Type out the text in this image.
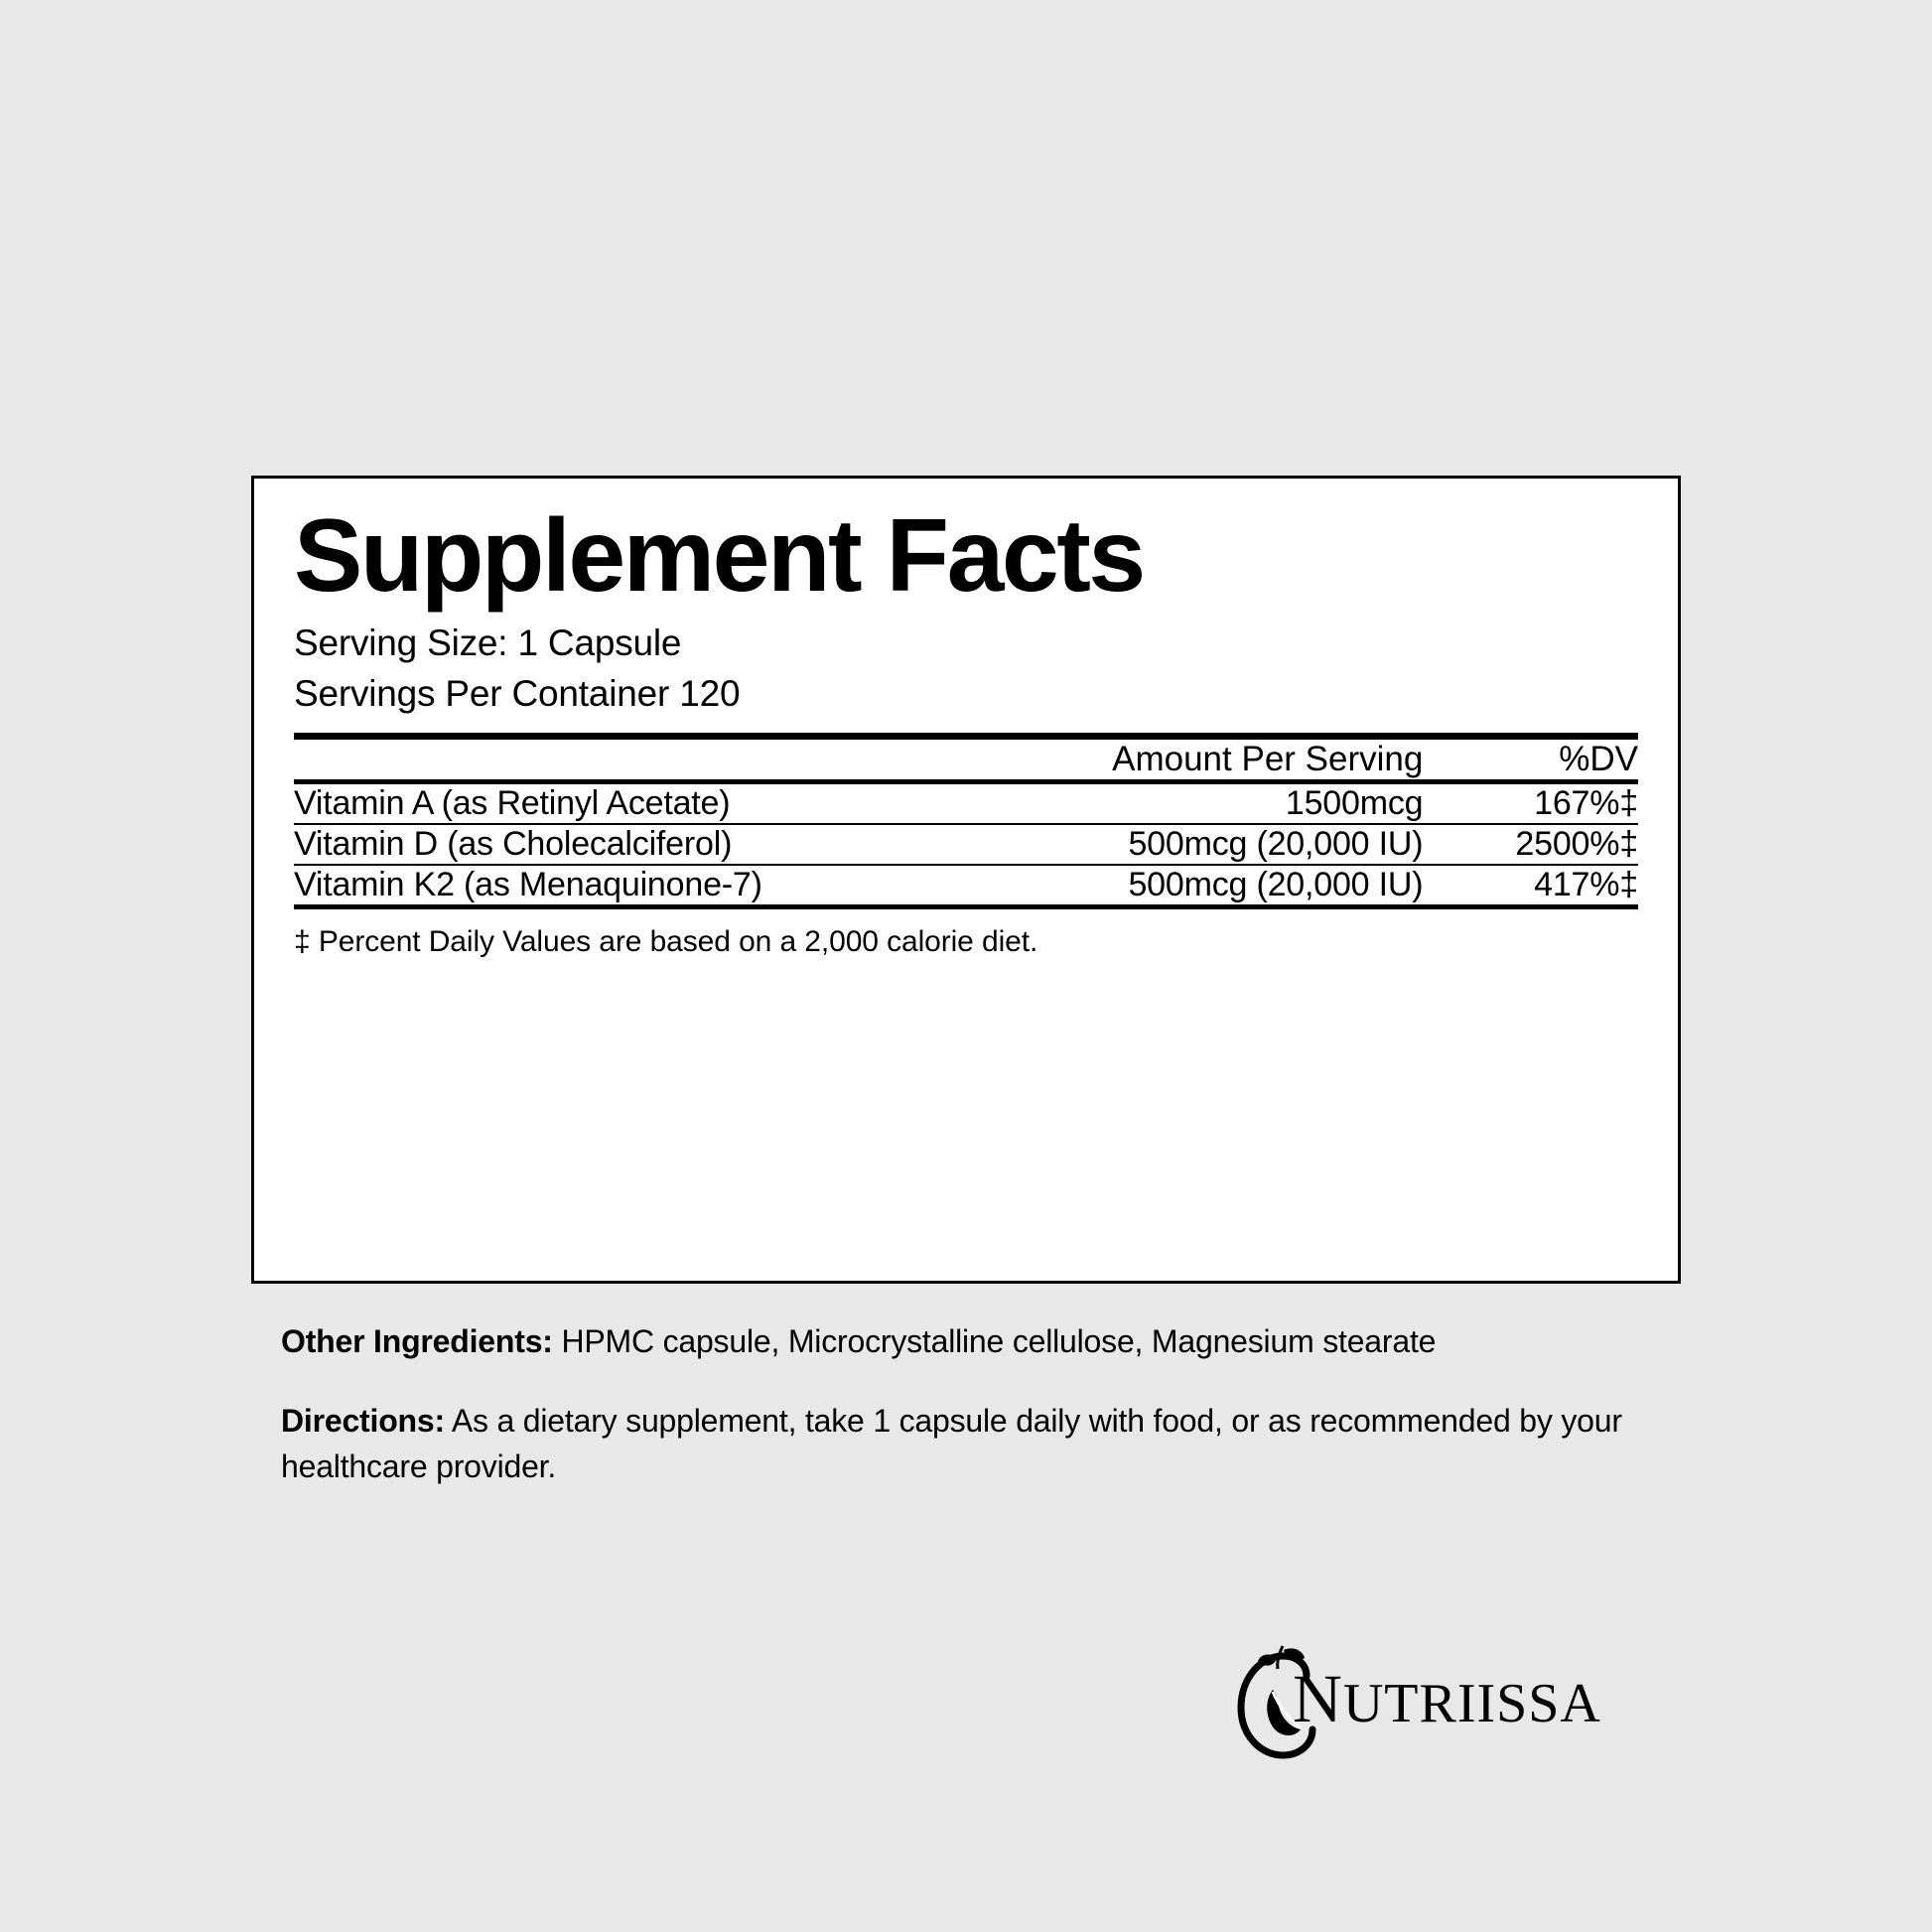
Supplement Facts
Serving Size: 1 Capsule
Servings Per Container 120
	Amount Per Serving	%DV
Vitamin A (as Retinyl Acetate)	1500mcg	167%‡
Vitamin D (as Cholecalciferol)	500mcg (20,000 IU)	2500%‡
Vitamin K2 (as Menaquinone-7)	500mcg (20,000 IU)	417%‡
‡ Percent Daily Values are based on a 2,000 calorie diet.
Other Ingredients: HPMC capsule, Microcrystalline cellulose, Magnesium stearate
Directions: As a dietary supplement, take 1 capsule daily with food, or as recommended by your healthcare provider.
NUTRIISSA
